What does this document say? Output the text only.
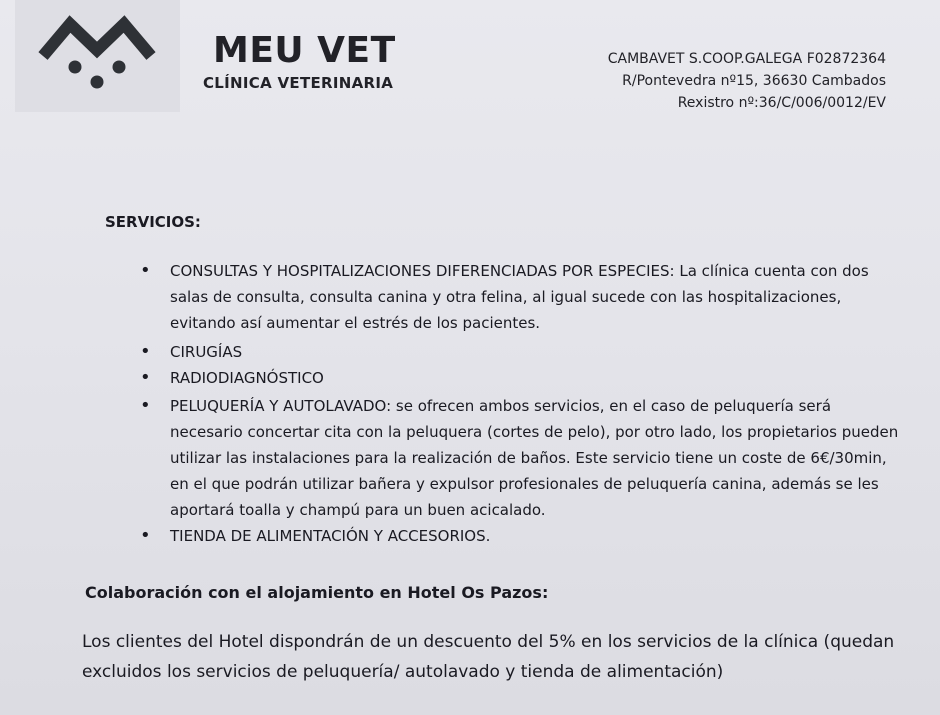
MEU VET
CLÍNICA VETERINARIA
CAMBAVET S.COOP.GALEGA F02872364
R/Pontevedra nº15, 36630 Cambados
Rexistro nº:36/C/006/0012/EV
SERVICIOS:
• CONSULTAS Y HOSPITALIZACIONES DIFERENCIADAS POR ESPECIES: La clínica cuenta con dos salas de consulta, consulta canina y otra felina, al igual sucede con las hospitalizaciones, evitando así aumentar el estrés de los pacientes.
• CIRUGÍAS
• RADIODIAGNÓSTICO
• PELUQUERÍA Y AUTOLAVADO: se ofrecen ambos servicios, en el caso de peluquería será necesario concertar cita con la peluquera (cortes de pelo), por otro lado, los propietarios pueden utilizar las instalaciones para la realización de baños. Este servicio tiene un coste de 6€/30min, en el que podrán utilizar bañera y expulsor profesionales de peluquería canina, además se les aportará toalla y champú para un buen acicalado.
• TIENDA DE ALIMENTACIÓN Y ACCESORIOS.
Colaboración con el alojamiento en Hotel Os Pazos:
Los clientes del Hotel dispondrán de un descuento del 5% en los servicios de la clínica (quedan excluidos los servicios de peluquería/ autolavado y tienda de alimentación)
